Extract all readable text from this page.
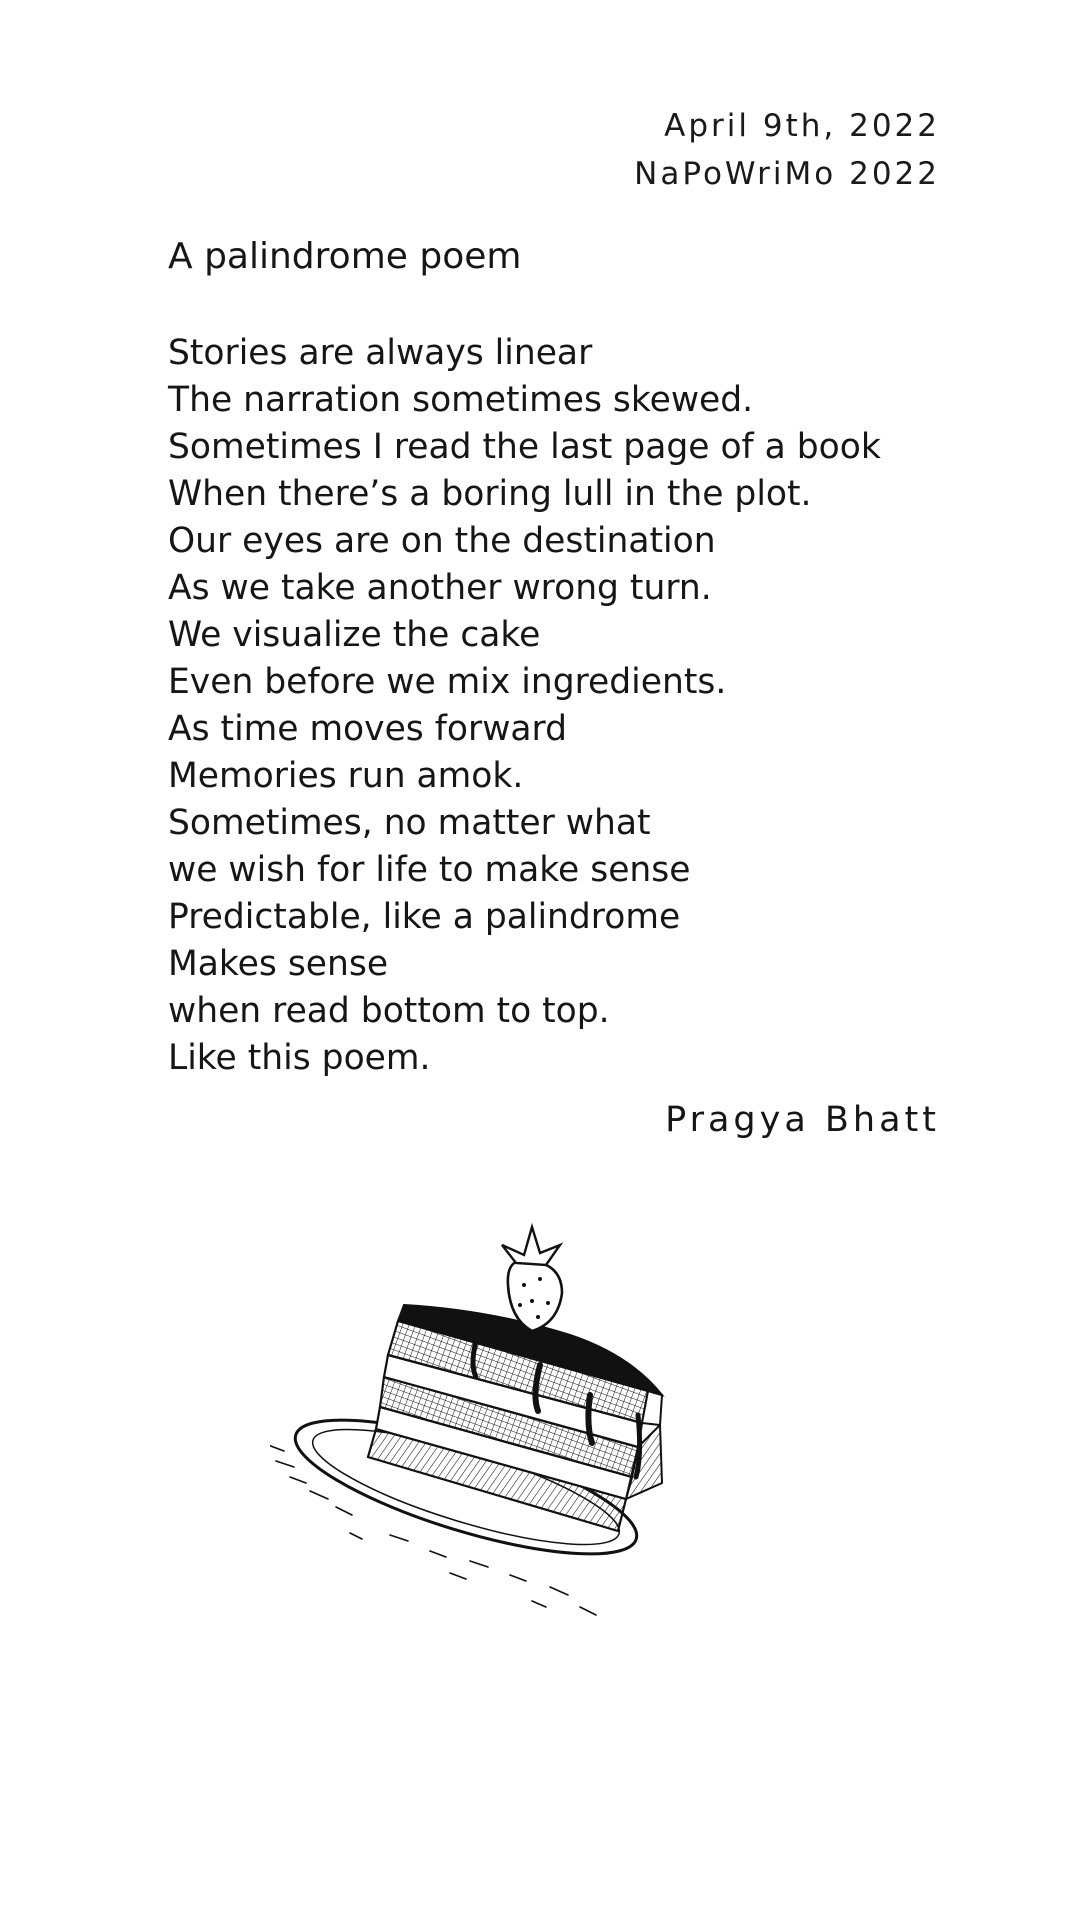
April 9th, 2022
NaPoWriMo 2022
A palindrome poem
Stories are always linear
The narration sometimes skewed.
Sometimes I read the last page of a book
When there’s a boring lull in the plot.
Our eyes are on the destination
As we take another wrong turn.
We visualize the cake
Even before we mix ingredients.
As time moves forward
Memories run amok.
Sometimes, no matter what
we wish for life to make sense
Predictable, like a palindrome
Makes sense
when read bottom to top.
Like this poem.
Pragya Bhatt
